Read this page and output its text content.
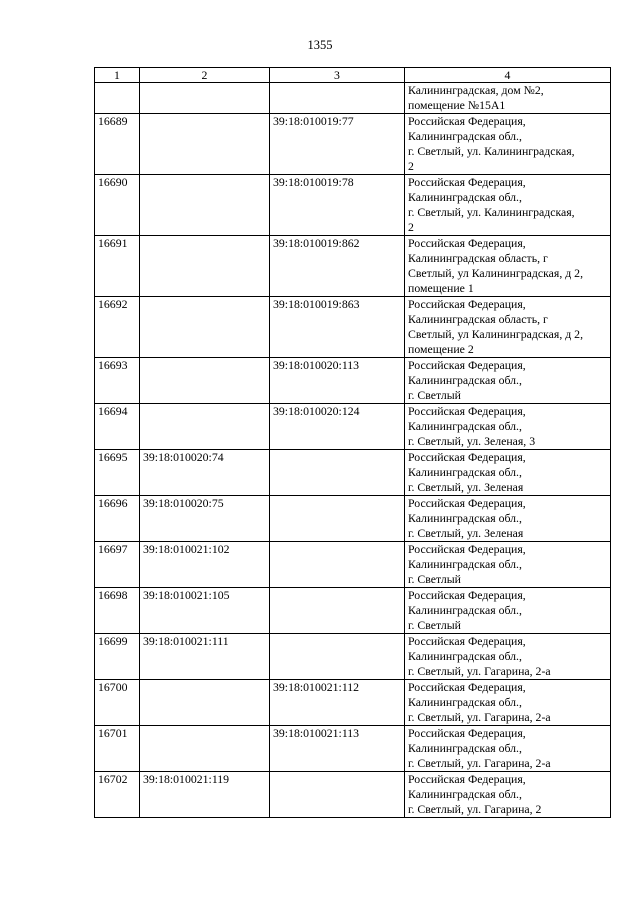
1355
1	2	3	4

			Калининградская, дом №2,
помещение №15А1

16689		39:18:010019:77	Российская Федерация,
Калининградская обл.,
г. Светлый, ул. Калининградская,
2

16690		39:18:010019:78	Российская Федерация,
Калининградская обл.,
г. Светлый, ул. Калининградская,
2

16691		39:18:010019:862	Российская Федерация,
Калининградская область, г
Светлый, ул Калининградская, д 2,
помещение 1

16692		39:18:010019:863	Российская Федерация,
Калининградская область, г
Светлый, ул Калининградская, д 2,
помещение 2

16693		39:18:010020:113	Российская Федерация,
Калининградская обл.,
г. Светлый

16694		39:18:010020:124	Российская Федерация,
Калининградская обл.,
г. Светлый, ул. Зеленая, 3

16695	39:18:010020:74		Российская Федерация,
Калининградская обл.,
г. Светлый, ул. Зеленая

16696	39:18:010020:75		Российская Федерация,
Калининградская обл.,
г. Светлый, ул. Зеленая

16697	39:18:010021:102		Российская Федерация,
Калининградская обл.,
г. Светлый

16698	39:18:010021:105		Российская Федерация,
Калининградская обл.,
г. Светлый

16699	39:18:010021:111		Российская Федерация,
Калининградская обл.,
г. Светлый, ул. Гагарина, 2-а

16700		39:18:010021:112	Российская Федерация,
Калининградская обл.,
г. Светлый, ул. Гагарина, 2-а

16701		39:18:010021:113	Российская Федерация,
Калининградская обл.,
г. Светлый, ул. Гагарина, 2-а

16702	39:18:010021:119		Российская Федерация,
Калининградская обл.,
г. Светлый, ул. Гагарина, 2
